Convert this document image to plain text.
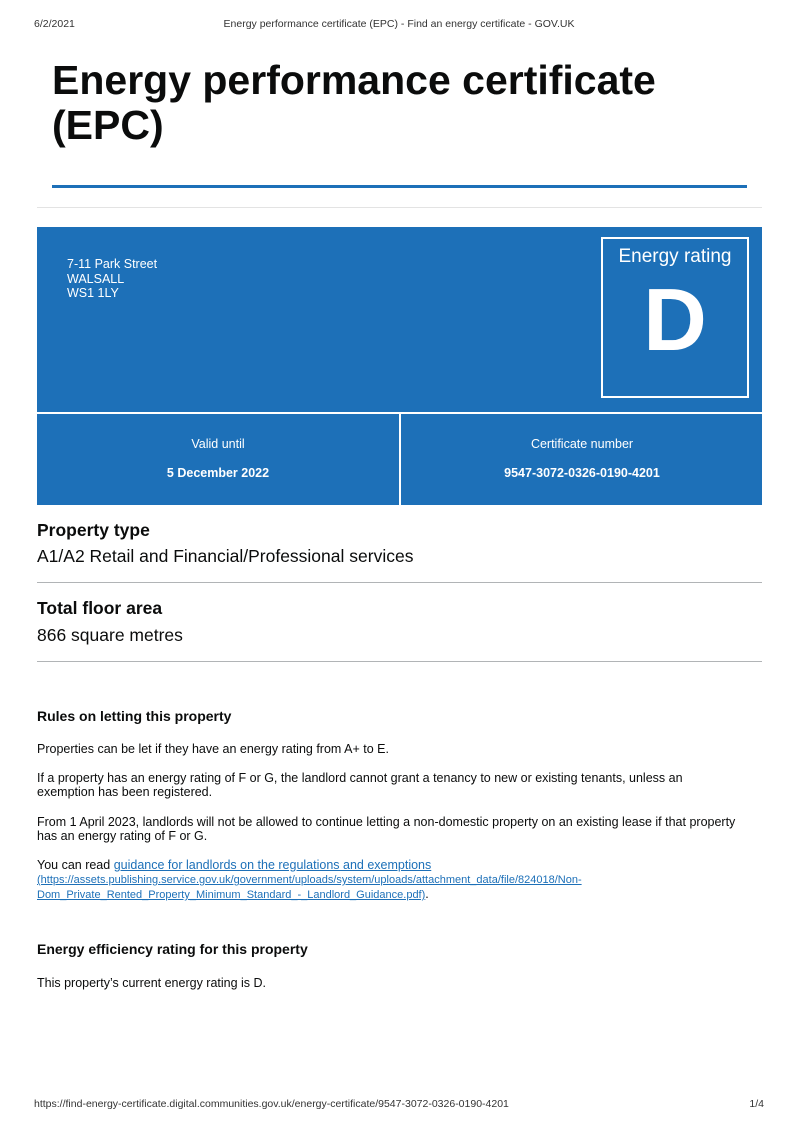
6/2/2021	Energy performance certificate (EPC) - Find an energy certificate - GOV.UK
Energy performance certificate (EPC)
7-11 Park Street
WALSALL
WS1 1LY
Energy rating
D
Valid until
5 December 2022
Certificate number
9547-3072-0326-0190-4201
Property type

A1/A2 Retail and Financial/Professional services

Total floor area

866 square metres

Rules on letting this property

Properties can be let if they have an energy rating from A+ to E.

If a property has an energy rating of F or G, the landlord cannot grant a tenancy to new or existing tenants, unless an exemption has been registered.

From 1 April 2023, landlords will not be allowed to continue letting a non-domestic property on an existing lease if that property has an energy rating of F or G.

You can read guidance for landlords on the regulations and exemptions
(https://assets.publishing.service.gov.uk/government/uploads/system/uploads/attachment_data/file/824018/Non-Dom_Private_Rented_Property_Minimum_Standard_-_Landlord_Guidance.pdf).

Energy efficiency rating for this property

This property’s current energy rating is D.

https://find-energy-certificate.digital.communities.gov.uk/energy-certificate/9547-3072-0326-0190-4201	1/4
